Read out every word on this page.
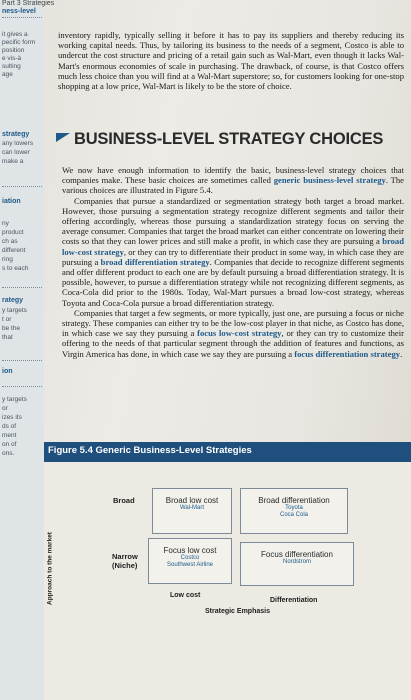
Part 3 Strategies
ness-level
it gives a
pecific form
position
e vis-à
sulting
age
strategy
any lowers
can lower
make a
iation
ny
product
ch as
different
ring
s to each
rategy
y targets
t or
be the
that
ion
y targets
or
izes its
ds of
ment
on of
ons.

inventory rapidly, typically selling it before it has to pay its suppliers and thereby reducing its working capital needs. Thus, by tailoring its business to the needs of a segment, Costco is able to undercut the cost structure and pricing of a retail gain such as Wal-Mart, even though it lacks Wal-Mart's enormous economies of scale in purchasing. The drawback, of course, is that Costco offers much less choice than you will find at a Wal-Mart superstore; so, for customers looking for one-stop shopping at a low price, Wal-Mart is likely to be the store of choice.

BUSINESS-LEVEL STRATEGY CHOICES

We now have enough information to identify the basic, business-level strategy choices that companies make. These basic choices are sometimes called generic business-level strategy. The various choices are illustrated in Figure 5.4.

Companies that pursue a standardized or segmentation strategy both target a broad market. However, those pursuing a segmentation strategy recognize different segments and tailor their offering accordingly, whereas those pursuing a standardization strategy focus on serving the average consumer. Companies that target the broad market can either concentrate on lowering their costs so that they can lower prices and still make a profit, in which case they are pursuing a broad low-cost strategy, or they can try to differentiate their product in some way, in which case they are pursuing a broad differentiation strategy. Companies that decide to recognize different segments and offer different product to each one are by default pursuing a broad differentiation strategy. It is possible, however, to pursue a differentiation strategy while not recognizing different segments, as Coca-Cola did prior to the 1980s. Today, Wal-Mart pursues a broad low-cost strategy, whereas Toyota and Coca-Cola pursue a broad differentiation strategy.

Companies that target a few segments, or more typically, just one, are pursuing a focus or niche strategy. These companies can either try to be the low-cost player in that niche, as Costco has done, in which case we say they pursuing a focus low-cost strategy, or they can try to customize their offering to the needs of that particular segment through the addition of features and functions, as Virgin America has done, in which case we say they are pursuing a focus differentiation strategy.

Figure 5.4 Generic Business-Level Strategies
Approach to the market
Broad
Narrow (Niche)
Broad low cost
Wal-Mart
Broad differentiation
Toyota
Coca Cola
Focus low cost
Costco
Southwest Airline
Focus differentiation
Nordstrom
Low cost
Differentiation
Strategic Emphasis
